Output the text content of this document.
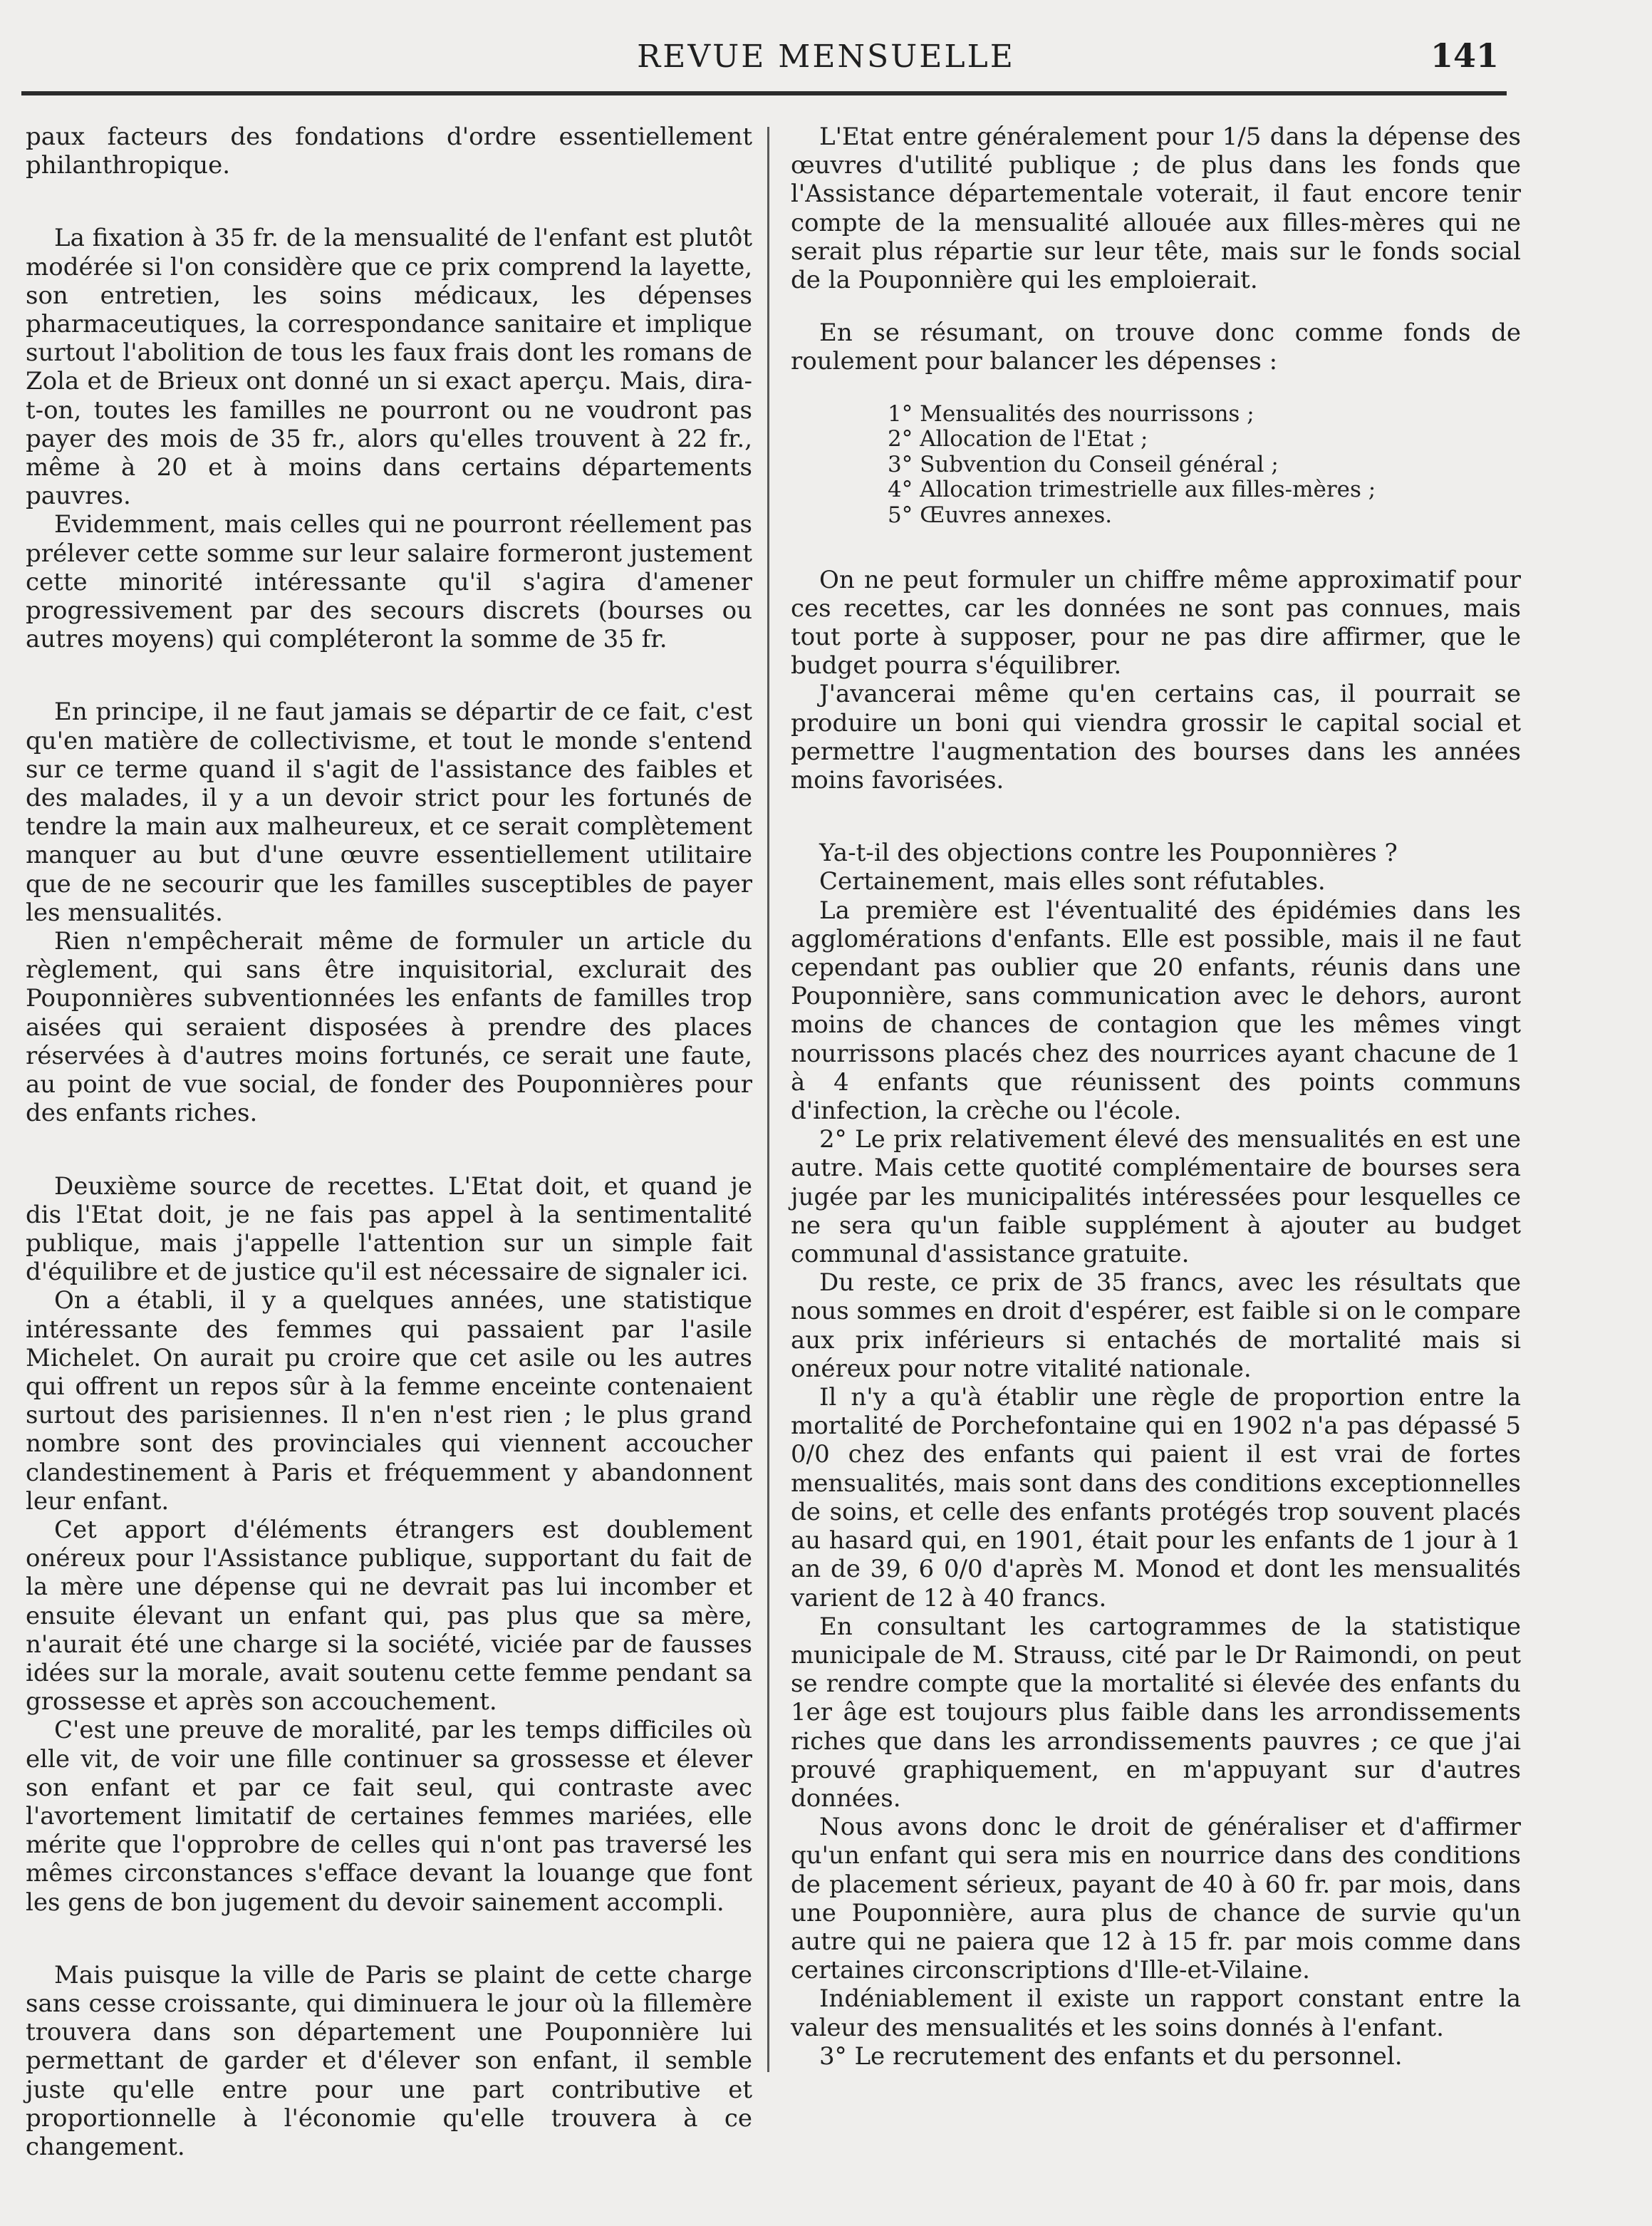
REVUE MENSUELLE	141

paux facteurs des fondations d'ordre essentiellement philanthropique.

La fixation à 35 fr. de la mensualité de l'enfant est plutôt modérée si l'on considère que ce prix comprend la layette, son entretien, les soins médicaux, les dépenses pharmaceutiques, la correspondance sanitaire et implique surtout l'abolition de tous les faux frais dont les romans de Zola et de Brieux ont donné un si exact aperçu. Mais, dira-t-on, toutes les familles ne pourront ou ne voudront pas payer des mois de 35 fr., alors qu'elles trouvent à 22 fr., même à 20 et à moins dans certains départements pauvres.

Evidemment, mais celles qui ne pourront réellement pas prélever cette somme sur leur salaire formeront justement cette minorité intéressante qu'il s'agira d'amener progressivement par des secours discrets (bourses ou autres moyens) qui compléteront la somme de 35 fr.

En principe, il ne faut jamais se départir de ce fait, c'est qu'en matière de collectivisme, et tout le monde s'entend sur ce terme quand il s'agit de l'assistance des faibles et des malades, il y a un devoir strict pour les fortunés de tendre la main aux malheureux, et ce serait complètement manquer au but d'une œuvre essentiellement utilitaire que de ne secourir que les familles susceptibles de payer les mensualités.

Rien n'empêcherait même de formuler un article du règlement, qui sans être inquisitorial, exclurait des Pouponnières subventionnées les enfants de familles trop aisées qui seraient disposées à prendre des places réservées à d'autres moins fortunés, ce serait une faute, au point de vue social, de fonder des Pouponnières pour des enfants riches.

Deuxième source de recettes. L'Etat doit, et quand je dis l'Etat doit, je ne fais pas appel à la sentimentalité publique, mais j'appelle l'attention sur un simple fait d'équilibre et de justice qu'il est nécessaire de signaler ici.

On a établi, il y a quelques années, une statistique intéressante des femmes qui passaient par l'asile Michelet. On aurait pu croire que cet asile ou les autres qui offrent un repos sûr à la femme enceinte contenaient surtout des parisiennes. Il n'en n'est rien ; le plus grand nombre sont des provinciales qui viennent accoucher clandestinement à Paris et fréquemment y abandonnent leur enfant.

Cet apport d'éléments étrangers est doublement onéreux pour l'Assistance publique, supportant du fait de la mère une dépense qui ne devrait pas lui incomber et ensuite élevant un enfant qui, pas plus que sa mère, n'aurait été une charge si la société, viciée par de fausses idées sur la morale, avait soutenu cette femme pendant sa grossesse et après son accouchement.

C'est une preuve de moralité, par les temps difficiles où elle vit, de voir une fille continuer sa grossesse et élever son enfant et par ce fait seul, qui contraste avec l'avortement limitatif de certaines femmes mariées, elle mérite que l'opprobre de celles qui n'ont pas traversé les mêmes circonstances s'efface devant la louange que font les gens de bon jugement du devoir sainement accompli.

Mais puisque la ville de Paris se plaint de cette charge sans cesse croissante, qui diminuera le jour où la fillemère trouvera dans son département une Pouponnière lui permettant de garder et d'élever son enfant, il semble juste qu'elle entre pour une part contributive et proportionnelle à l'économie qu'elle trouvera à ce changement.

L'Etat entre généralement pour 1/5 dans la dépense des œuvres d'utilité publique ; de plus dans les fonds que l'Assistance départementale voterait, il faut encore tenir compte de la mensualité allouée aux filles-mères qui ne serait plus répartie sur leur tête, mais sur le fonds social de la Pouponnière qui les emploierait.

En se résumant, on trouve donc comme fonds de roulement pour balancer les dépenses :

1° Mensualités des nourrissons ;
2° Allocation de l'Etat ;
3° Subvention du Conseil général ;
4° Allocation trimestrielle aux filles-mères ;
5° Œuvres annexes.

On ne peut formuler un chiffre même approximatif pour ces recettes, car les données ne sont pas connues, mais tout porte à supposer, pour ne pas dire affirmer, que le budget pourra s'équilibrer.

J'avancerai même qu'en certains cas, il pourrait se produire un boni qui viendra grossir le capital social et permettre l'augmentation des bourses dans les années moins favorisées.

Ya-t-il des objections contre les Pouponnières ?

Certainement, mais elles sont réfutables.

La première est l'éventualité des épidémies dans les agglomérations d'enfants. Elle est possible, mais il ne faut cependant pas oublier que 20 enfants, réunis dans une Pouponnière, sans communication avec le dehors, auront moins de chances de contagion que les mêmes vingt nourrissons placés chez des nourrices ayant chacune de 1 à 4 enfants que réunissent des points communs d'infection, la crèche ou l'école.

2° Le prix relativement élevé des mensualités en est une autre. Mais cette quotité complémentaire de bourses sera jugée par les municipalités intéressées pour lesquelles ce ne sera qu'un faible supplément à ajouter au budget communal d'assistance gratuite.

Du reste, ce prix de 35 francs, avec les résultats que nous sommes en droit d'espérer, est faible si on le compare aux prix inférieurs si entachés de mortalité mais si onéreux pour notre vitalité nationale.

Il n'y a qu'à établir une règle de proportion entre la mortalité de Porchefontaine qui en 1902 n'a pas dépassé 5 0/0 chez des enfants qui paient il est vrai de fortes mensualités, mais sont dans des conditions exceptionnelles de soins, et celle des enfants protégés trop souvent placés au hasard qui, en 1901, était pour les enfants de 1 jour à 1 an de 39, 6 0/0 d'après M. Monod et dont les mensualités varient de 12 à 40 francs.

En consultant les cartogrammes de la statistique municipale de M. Strauss, cité par le Dr Raimondi, on peut se rendre compte que la mortalité si élevée des enfants du 1er âge est toujours plus faible dans les arrondissements riches que dans les arrondissements pauvres ; ce que j'ai prouvé graphiquement, en m'appuyant sur d'autres données.

Nous avons donc le droit de généraliser et d'affirmer qu'un enfant qui sera mis en nourrice dans des conditions de placement sérieux, payant de 40 à 60 fr. par mois, dans une Pouponnière, aura plus de chance de survie qu'un autre qui ne paiera que 12 à 15 fr. par mois comme dans certaines circonscriptions d'Ille-et-Vilaine.

Indéniablement il existe un rapport constant entre la valeur des mensualités et les soins donnés à l'enfant.

3° Le recrutement des enfants et du personnel.
